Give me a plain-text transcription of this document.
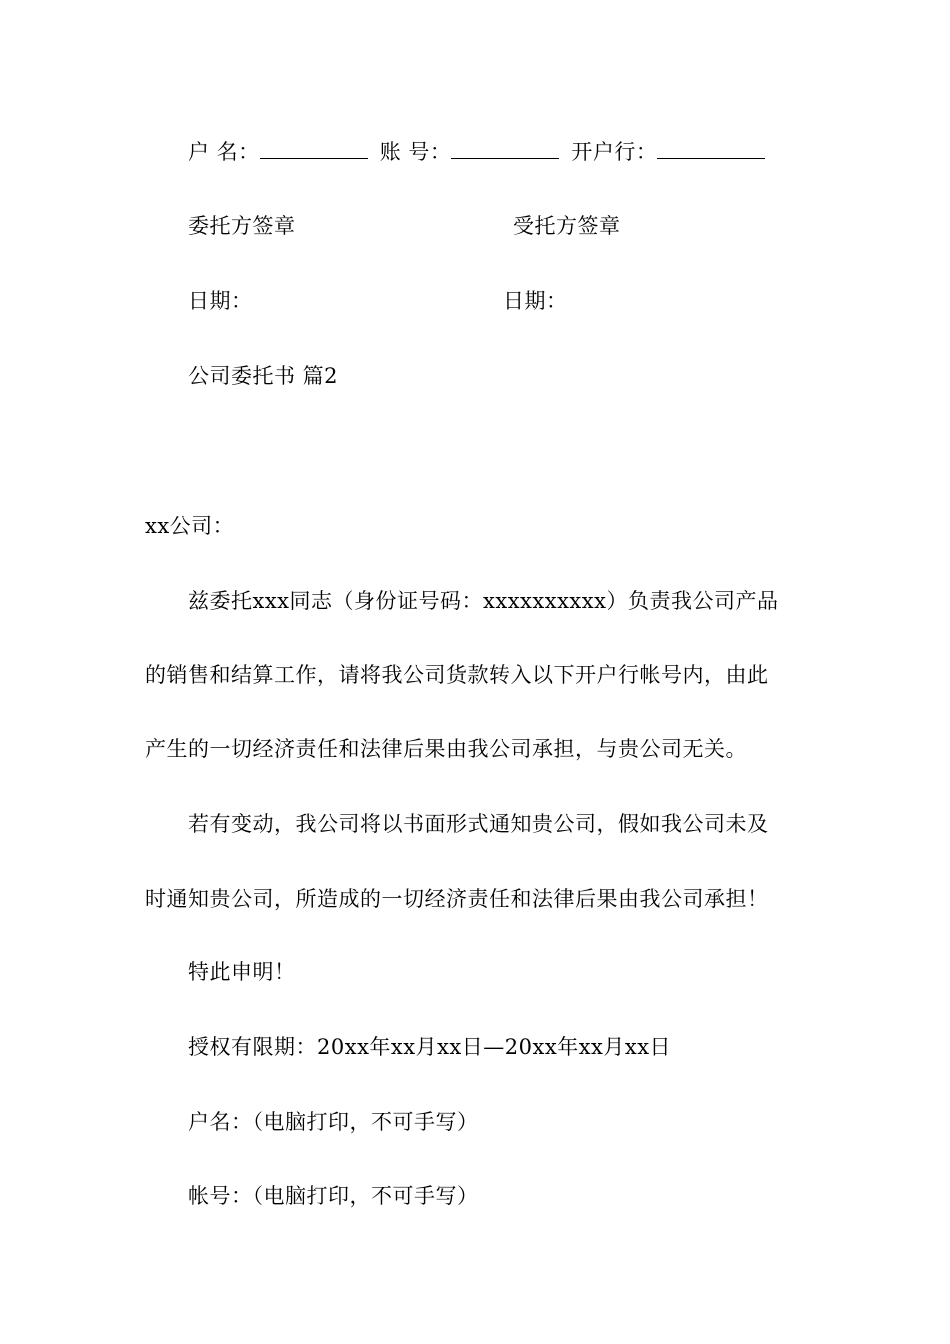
户 名：	账 号：	开户行：
委托方签章	受托方签章
日期：	日期：
公司委托书 篇2
xx公司：
兹委托xxx同志（身份证号码：xxxxxxxxxx）负责我公司产品
的销售和结算工作，请将我公司货款转入以下开户行帐号内，由此
产生的一切经济责任和法律后果由我公司承担，与贵公司无关。
若有变动，我公司将以书面形式通知贵公司，假如我公司未及
时通知贵公司，所造成的一切经济责任和法律后果由我公司承担！
特此申明！
授权有限期：20xx年xx月xx日—20xx年xx月xx日
户名：（电脑打印，不可手写）
帐号：（电脑打印，不可手写）
